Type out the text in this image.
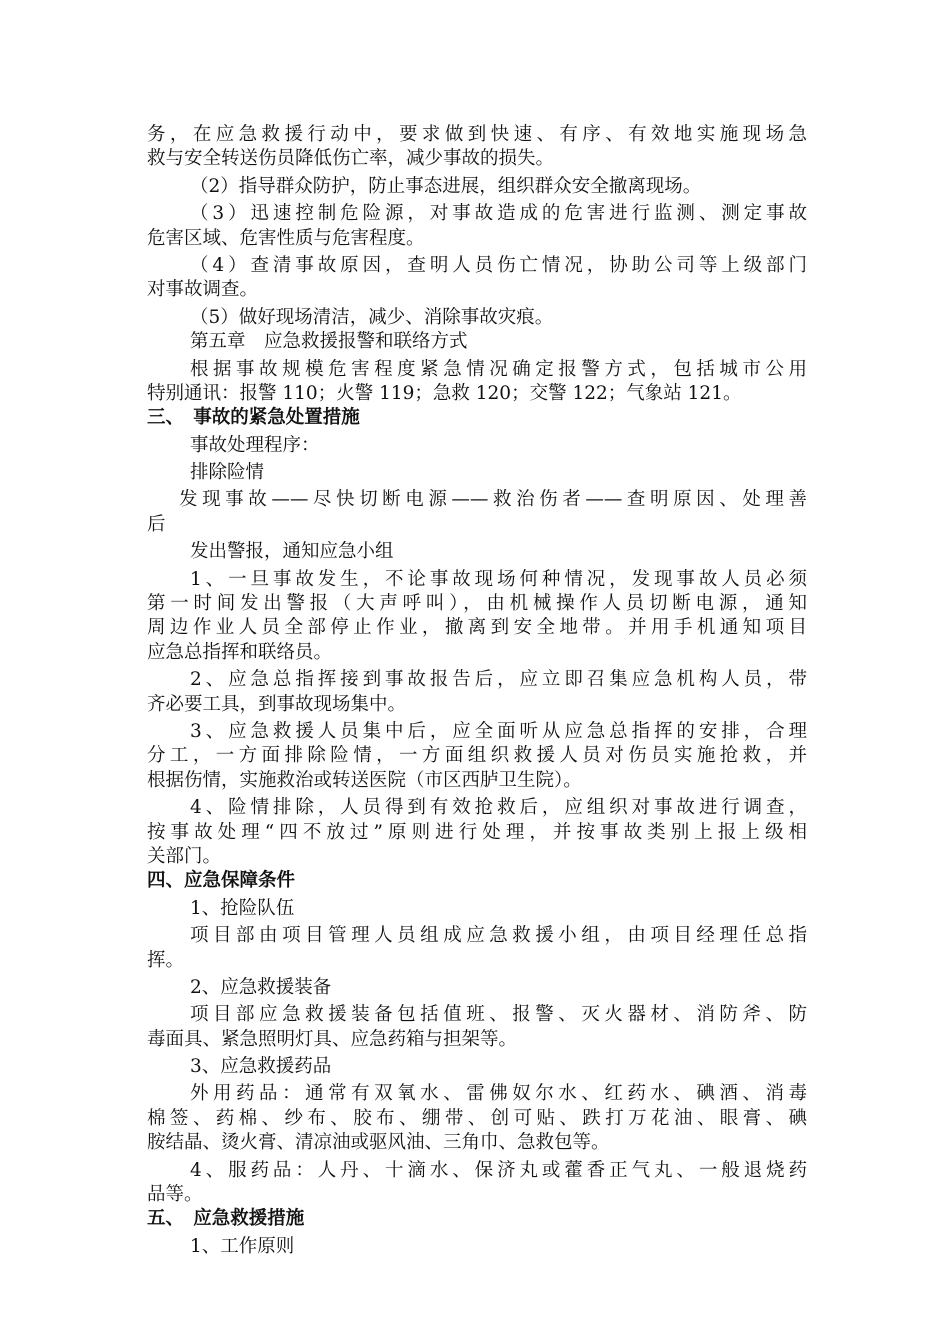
务，在应急救援行动中，要求做到快速、有序、有效地实施现场急
救与安全转送伤员降低伤亡率，减少事故的损失。
（2）指导群众防护，防止事态进展，组织群众安全撤离现场。
（3）迅速控制危险源，对事故造成的危害进行监测、测定事故
危害区域、危害性质与危害程度。
（4）查清事故原因，查明人员伤亡情况，协助公司等上级部门
对事故调查。
（5）做好现场清洁，减少、消除事故灾痕。
第五章　应急救援报警和联络方式
根据事故规模危害程度紧急情况确定报警方式，包括城市公用
特别通讯：报警 110；火警 119；急救 120；交警 122；气象站 121。
三、　事故的紧急处置措施
事故处理程序：
排除险情
发现事故——尽快切断电源——救治伤者——查明原因、处理善
后
发出警报，通知应急小组
1、一旦事故发生，不论事故现场何种情况，发现事故人员必须
第一时间发出警报（大声呼叫），由机械操作人员切断电源，通知
周边作业人员全部停止作业，撤离到安全地带。并用手机通知项目
应急总指挥和联络员。
2、应急总指挥接到事故报告后，应立即召集应急机构人员，带
齐必要工具，到事故现场集中。
3、应急救援人员集中后，应全面听从应急总指挥的安排，合理
分工，一方面排除险情，一方面组织救援人员对伤员实施抢救，并
根据伤情，实施救治或转送医院（市区西胪卫生院）。
4、险情排除，人员得到有效抢救后，应组织对事故进行调查，
按事故处理“四不放过”原则进行处理，并按事故类别上报上级相
关部门。
四、应急保障条件
1、抢险队伍
项目部由项目管理人员组成应急救援小组，由项目经理任总指
挥。
2、应急救援装备
项目部应急救援装备包括值班、报警、灭火器材、消防斧、防
毒面具、紧急照明灯具、应急药箱与担架等。
3、应急救援药品
外用药品：通常有双氧水、雷佛奴尔水、红药水、碘酒、消毒
棉签、药棉、纱布、胶布、绷带、创可贴、跌打万花油、眼膏、碘
胺结晶、烫火膏、清凉油或驱风油、三角巾、急救包等。
4、服药品：人丹、十滴水、保济丸或藿香正气丸、一般退烧药
品等。
五、　应急救援措施
1、工作原则
